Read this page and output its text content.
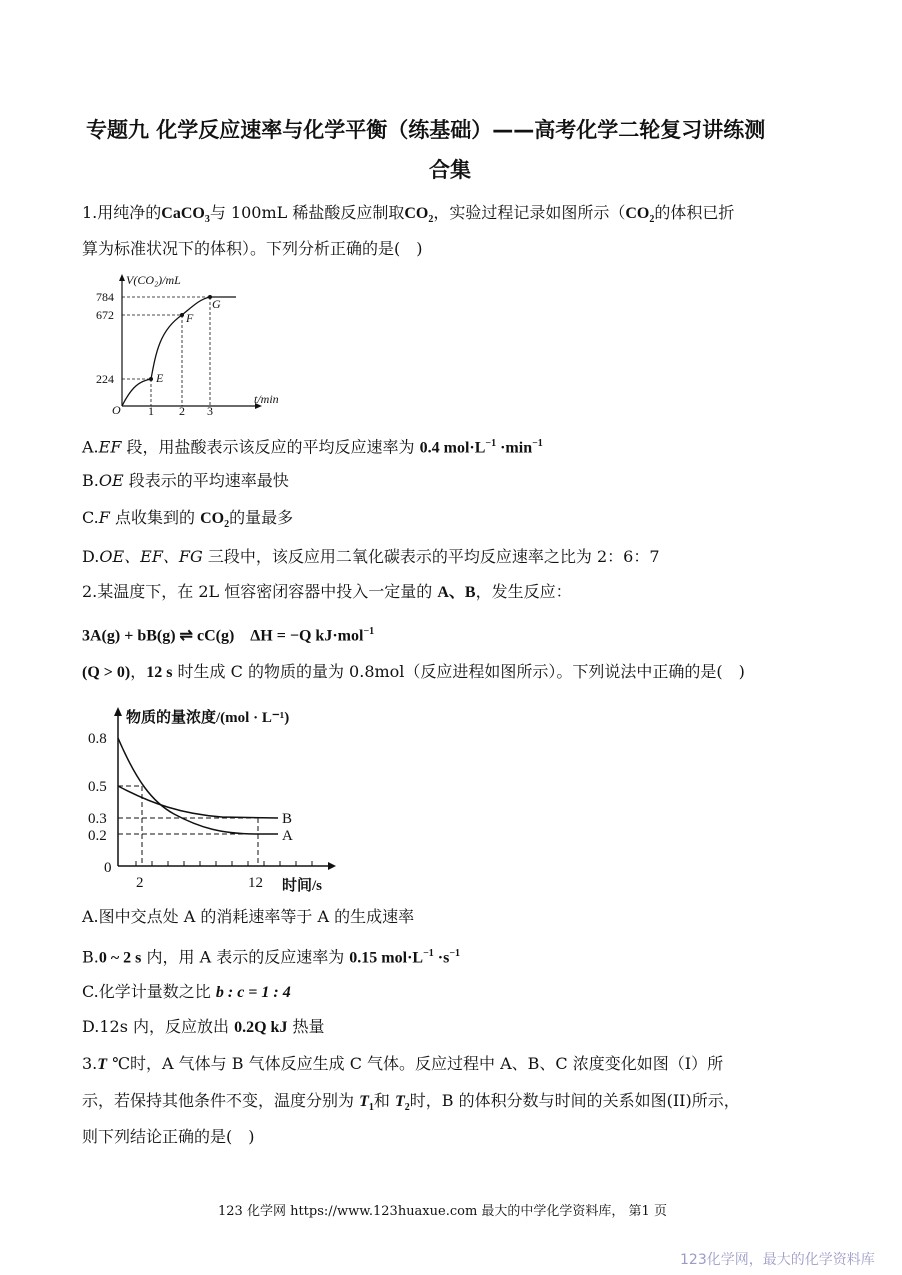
专题九 化学反应速率与化学平衡（练基础）——高考化学二轮复习讲练测
合集
1.用纯净的CaCO$_3$与 100mL 稀盐酸反应制取$CO_2$，实验过程记录如图所示（$CO_2$的体积已折
算为标准状况下的体积）。下列分析正确的是(　)
V(CO₂)/mL
t/min
O
784
672
224
1 2 3
E
F
G
A.EF 段，用盐酸表示该反应的平均反应速率为 0.4 $mol\cdot L^{-1} \cdot\min^{-1}$
B.OE 段表示的平均速率最快
C.F 点收集到的 $CO_2$的量最多
D.OE、EF、FG 三段中，该反应用二氧化碳表示的平均反应速率之比为 2：6：7
2.某温度下，在 2L 恒容密闭容器中投入一定量的 A、B，发生反应：
3A(g) + bB(g) ⇌ cC(g)　ΔH = −Q kJ·mol$^{-1}$
(Q > 0)，12 s 时生成 C 的物质的量为 0.8mol（反应进程如图所示）。下列说法中正确的是(　)
物质的量浓度/(mol · L⁻¹)
时间/s
0
0.8
0.5
0.3
0.2
2	12
B
A
A.图中交点处 A 的消耗速率等于 A 的生成速率
B.0 ~ 2 s 内，用 A 表示的反应速率为 0.15 $mol\cdot L^{-1} \cdot s^{-1}$
C.化学计量数之比 b : c = 1 : 4
D.12s 内，反应放出 0.2Q kJ 热量
3.T ℃时，A 气体与 B 气体反应生成 C 气体。反应过程中 A、B、C 浓度变化如图（I）所
示，若保持其他条件不变，温度分别为 $T_1$和 $T_2$时，B 的体积分数与时间的关系如图(II)所示，
则下列结论正确的是(　)
123 化学网 https://www.123huaxue.com 最大的中学化学资料库， 第1 页
123化学网，最大的化学资料库
